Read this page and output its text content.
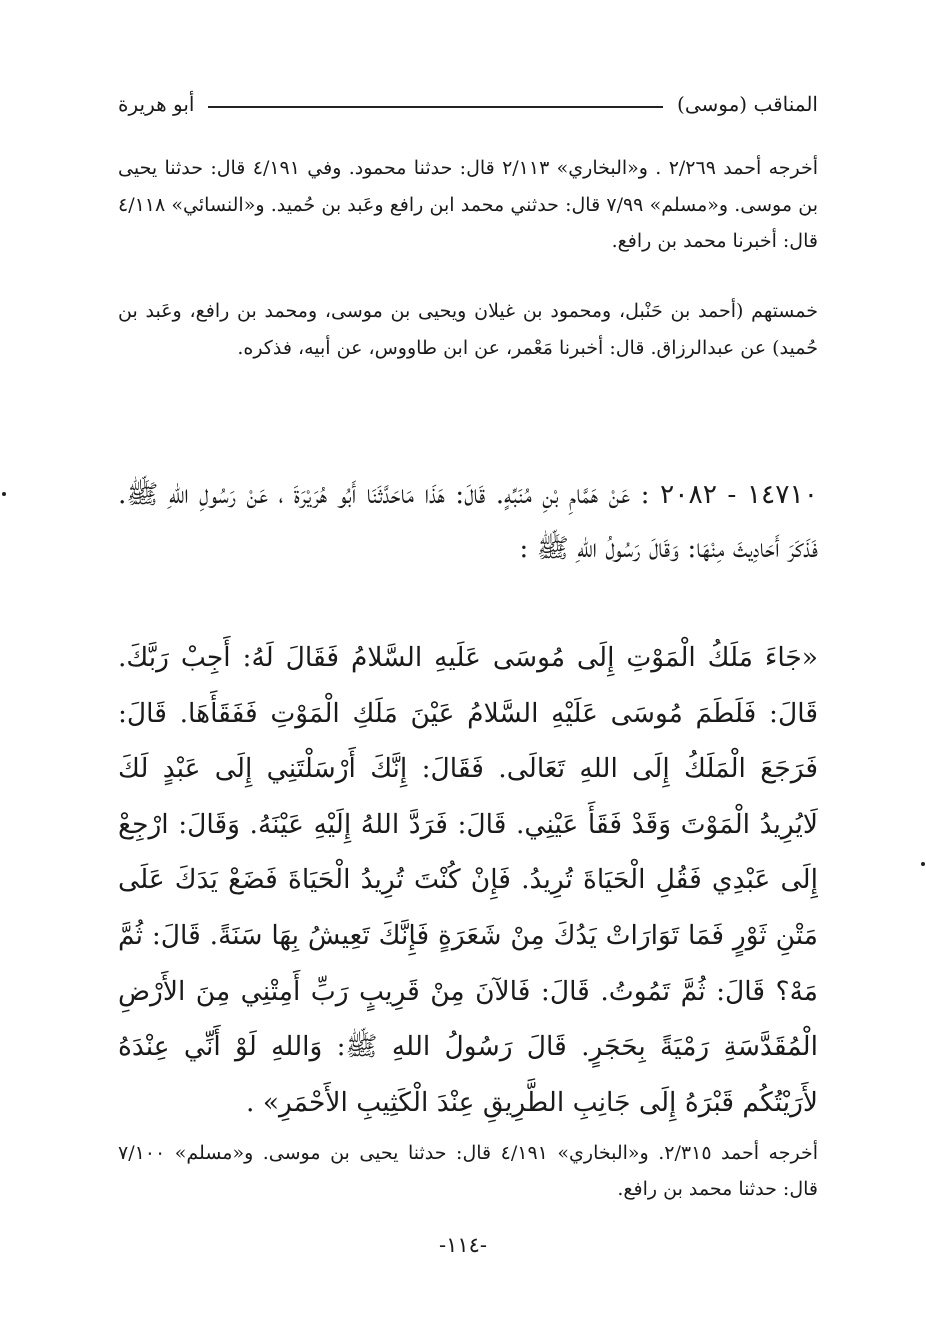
المناقب (موسى)
أبو هريرة

أخرجه أحمد ٢/٢٦٩ . و«البخاري» ٢/١١٣ قال: حدثنا محمود. وفي ٤/١٩١ قال: حدثنا يحيى بن موسى. و«مسلم» ٧/٩٩ قال: حدثني محمد ابن رافع وعَبد بن حُميد. و«النسائي» ٤/١١٨ قال: أخبرنا محمد بن رافع.

خمستهم (أحمد بن حَنْبل، ومحمود بن غيلان ويحيى بن موسى، ومحمد بن رافع، وعَبد بن حُميد) عن عبدالرزاق. قال: أخبرنا مَعْمر، عن ابن طاووس، عن أبيه، فذكره.

١٤٧١٠ - ٢٠٨٢ : عَنْ هَمَّامِ بْنِ مُنَبِّهٍ. قَالَ: هَذَا مَاحَدَّثَنَا أَبُو هُرَيْرَةَ ، عَنْ رَسُولِ اللهِ ﷺ. فَذَكَرَ أَحَادِيثَ مِنْهَا: وَقَالَ رَسُولُ اللهِ ﷺ :

«جَاءَ مَلَكُ الْمَوْتِ إِلَى مُوسَى عَلَيهِ السَّلامُ فَقَالَ لَهُ: أَجِبْ رَبَّكَ. قَالَ: فَلَطَمَ مُوسَى عَلَيْهِ السَّلامُ عَيْنَ مَلَكِ الْمَوْتِ فَفَقَأَهَا. قَالَ: فَرَجَعَ الْمَلَكُ إِلَى اللهِ تَعَالَى. فَقَالَ: إِنَّكَ أَرْسَلْتَنِي إِلَى عَبْدٍ لَكَ لَايُرِيدُ الْمَوْتَ وَقَدْ فَقَأَ عَيْنِي. قَالَ: فَرَدَّ اللهُ إِلَيْهِ عَيْنَهُ. وَقَالَ: ارْجِعْ إِلَى عَبْدِي فَقُلِ الْحَيَاةَ تُرِيدُ. فَإِنْ كُنْتَ تُرِيدُ الْحَيَاةَ فَضَعْ يَدَكَ عَلَى مَتْنِ ثَوْرٍ فَمَا تَوَارَاتْ يَدُكَ مِنْ شَعَرَةٍ فَإِنَّكَ تَعِيشُ بِهَا سَنَةً. قَالَ: ثُمَّ مَهْ؟ قَالَ: ثُمَّ تَمُوتُ. قَالَ: فَالآنَ مِنْ قَرِيبٍ رَبِّ أَمِتْنِي مِنَ الأَرْضِ الْمُقَدَّسَةِ رَمْيَةً بِحَجَرٍ. قَالَ رَسُولُ اللهِ ﷺ: وَاللهِ لَوْ أَنِّي عِنْدَهُ لأَرَيْتُكُم قَبْرَهُ إِلَى جَانِبِ الطَّرِيقِ عِنْدَ الْكَثِيبِ الأَحْمَرِ» .

أخرجه أحمد ٢/٣١٥. و«البخاري» ٤/١٩١ قال: حدثنا يحيى بن موسى. و«مسلم» ٧/١٠٠ قال: حدثنا محمد بن رافع.

-١١٤-
